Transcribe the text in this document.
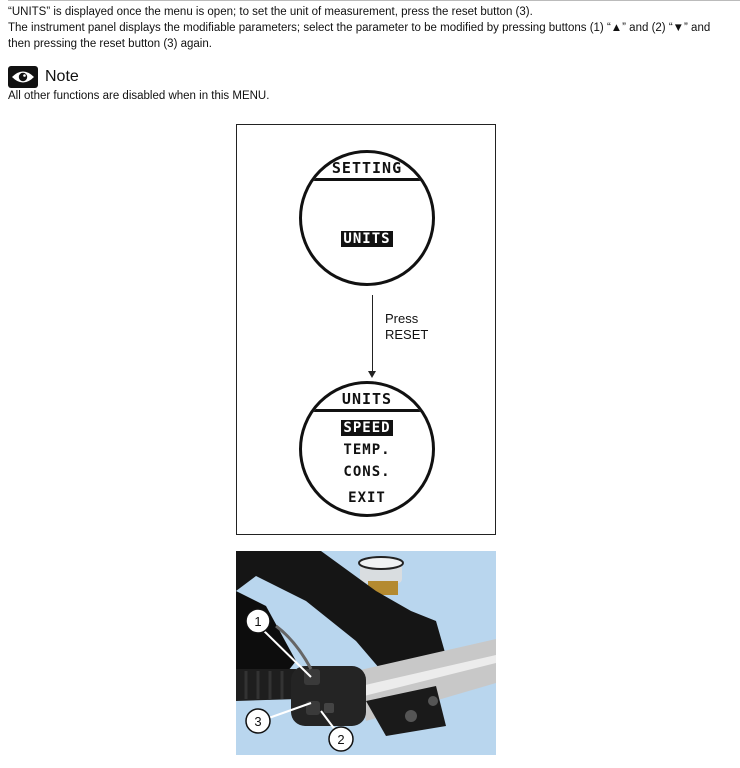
“UNITS” is displayed once the menu is open; to set the unit of measurement, press the reset button (3).
The instrument panel displays the modifiable parameters; select the parameter to be modified by pressing buttons (1) “▲” and (2) “▼” and then pressing the reset button (3) again.
Note
All other functions are disabled when in this MENU.
SETTING
UNITS
Press
RESET
UNITS
SPEED
TEMP.
CONS.
EXIT
1
3
2
